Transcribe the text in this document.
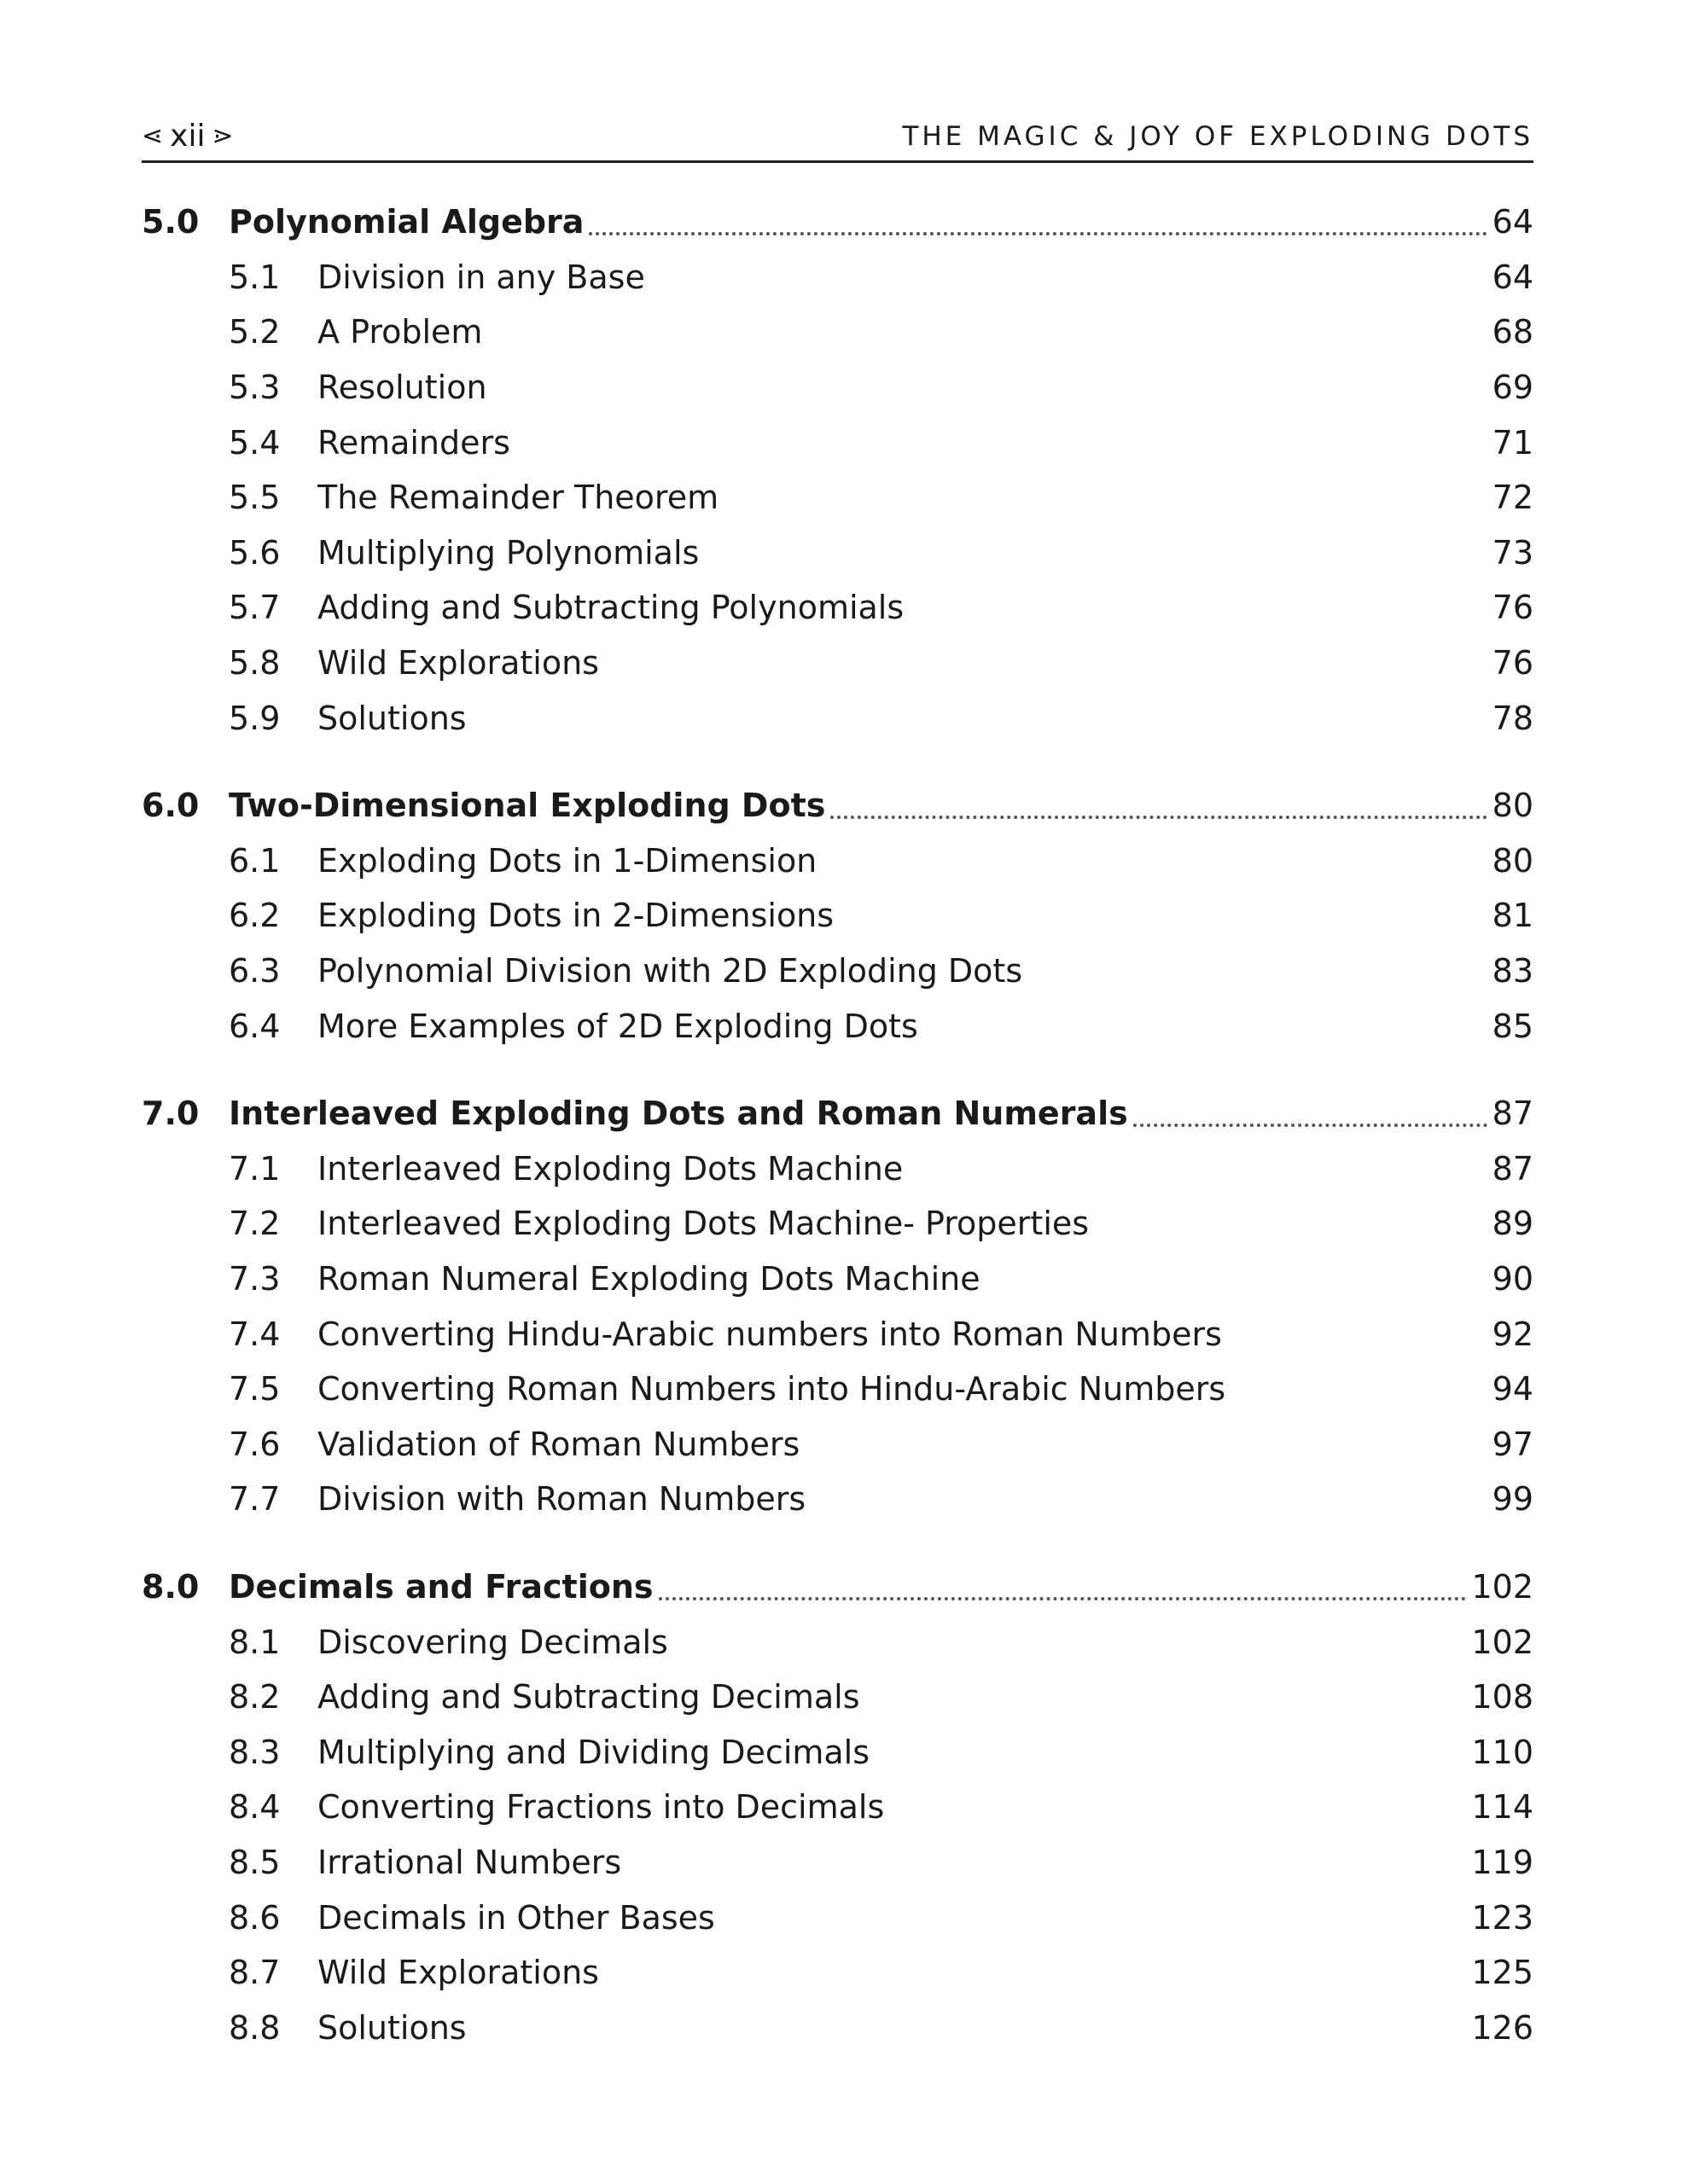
⋖ xii ⋗	THE MAGIC & JOY OF EXPLODING DOTS
5.0 Polynomial Algebra	64
5.1	Division in any Base	64
5.2	A Problem	68
5.3	Resolution	69
5.4	Remainders	71
5.5	The Remainder Theorem	72
5.6	Multiplying Polynomials	73
5.7	Adding and Subtracting Polynomials	76
5.8	Wild Explorations	76
5.9	Solutions	78
6.0 Two-Dimensional Exploding Dots	80
6.1	Exploding Dots in 1-Dimension	80
6.2	Exploding Dots in 2-Dimensions	81
6.3	Polynomial Division with 2D Exploding Dots	83
6.4	More Examples of 2D Exploding Dots	85
7.0 Interleaved Exploding Dots and Roman Numerals	87
7.1	Interleaved Exploding Dots Machine	87
7.2	Interleaved Exploding Dots Machine- Properties	89
7.3	Roman Numeral Exploding Dots Machine	90
7.4	Converting Hindu-Arabic numbers into Roman Numbers	92
7.5	Converting Roman Numbers into Hindu-Arabic Numbers	94
7.6	Validation of Roman Numbers	97
7.7	Division with Roman Numbers	99
8.0 Decimals and Fractions	102
8.1	Discovering Decimals	102
8.2	Adding and Subtracting Decimals	108
8.3	Multiplying and Dividing Decimals	110
8.4	Converting Fractions into Decimals	114
8.5	Irrational Numbers	119
8.6	Decimals in Other Bases	123
8.7	Wild Explorations	125
8.8	Solutions	126
